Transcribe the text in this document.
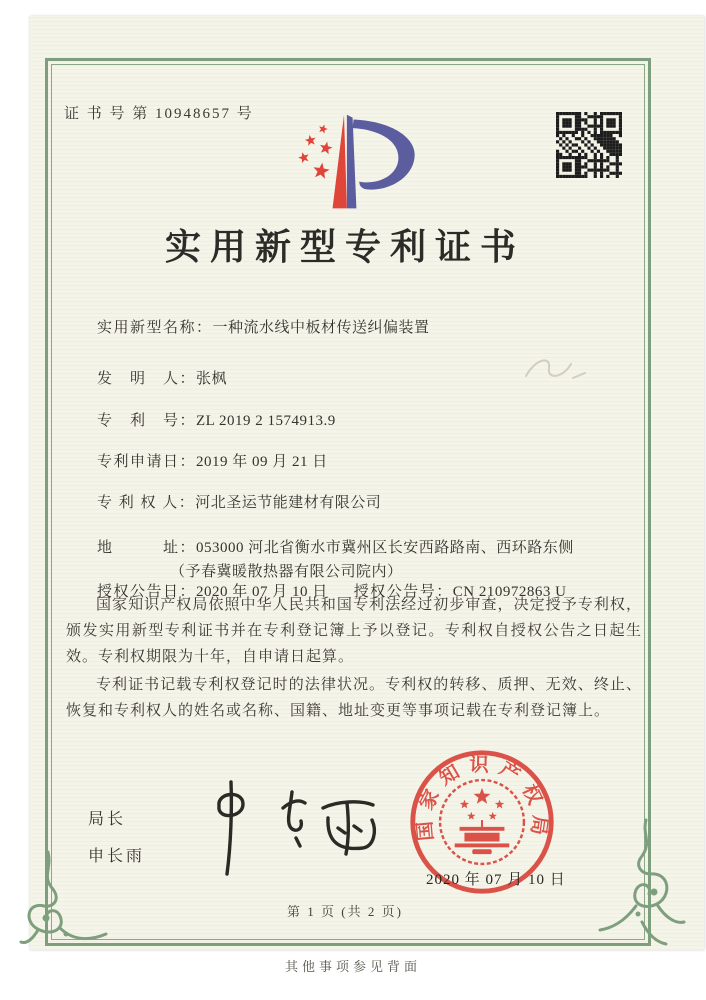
证 书 号 第 10948657 号
实用新型专利证书

实用新型名称：一种流水线中板材传送纠偏装置

发　明　人：张枫

专　利　号：ZL 2019 2 1574913.9

专利申请日：2019 年 09 月 21 日

专 利 权 人：河北圣运节能建材有限公司

地　　　址：053000 河北省衡水市冀州区长安西路路南、西环路东侧
（予春冀暖散热器有限公司院内）

授权公告日：2020 年 07 月 10 日 授权公告号：CN 210972863 U

国家知识产权局依照中华人民共和国专利法经过初步审查，决定授予专利权，颁发实用新型专利证书并在专利登记簿上予以登记。专利权自授权公告之日起生效。专利权期限为十年，自申请日起算。

专利证书记载专利权登记时的法律状况。专利权的转移、质押、无效、终止、恢复和专利权人的姓名或名称、国籍、地址变更等事项记载在专利登记簿上。

局长
申长雨
国家知识产权局
2020 年 07 月 10 日
第 1 页 (共 2 页)
其他事项参见背面
